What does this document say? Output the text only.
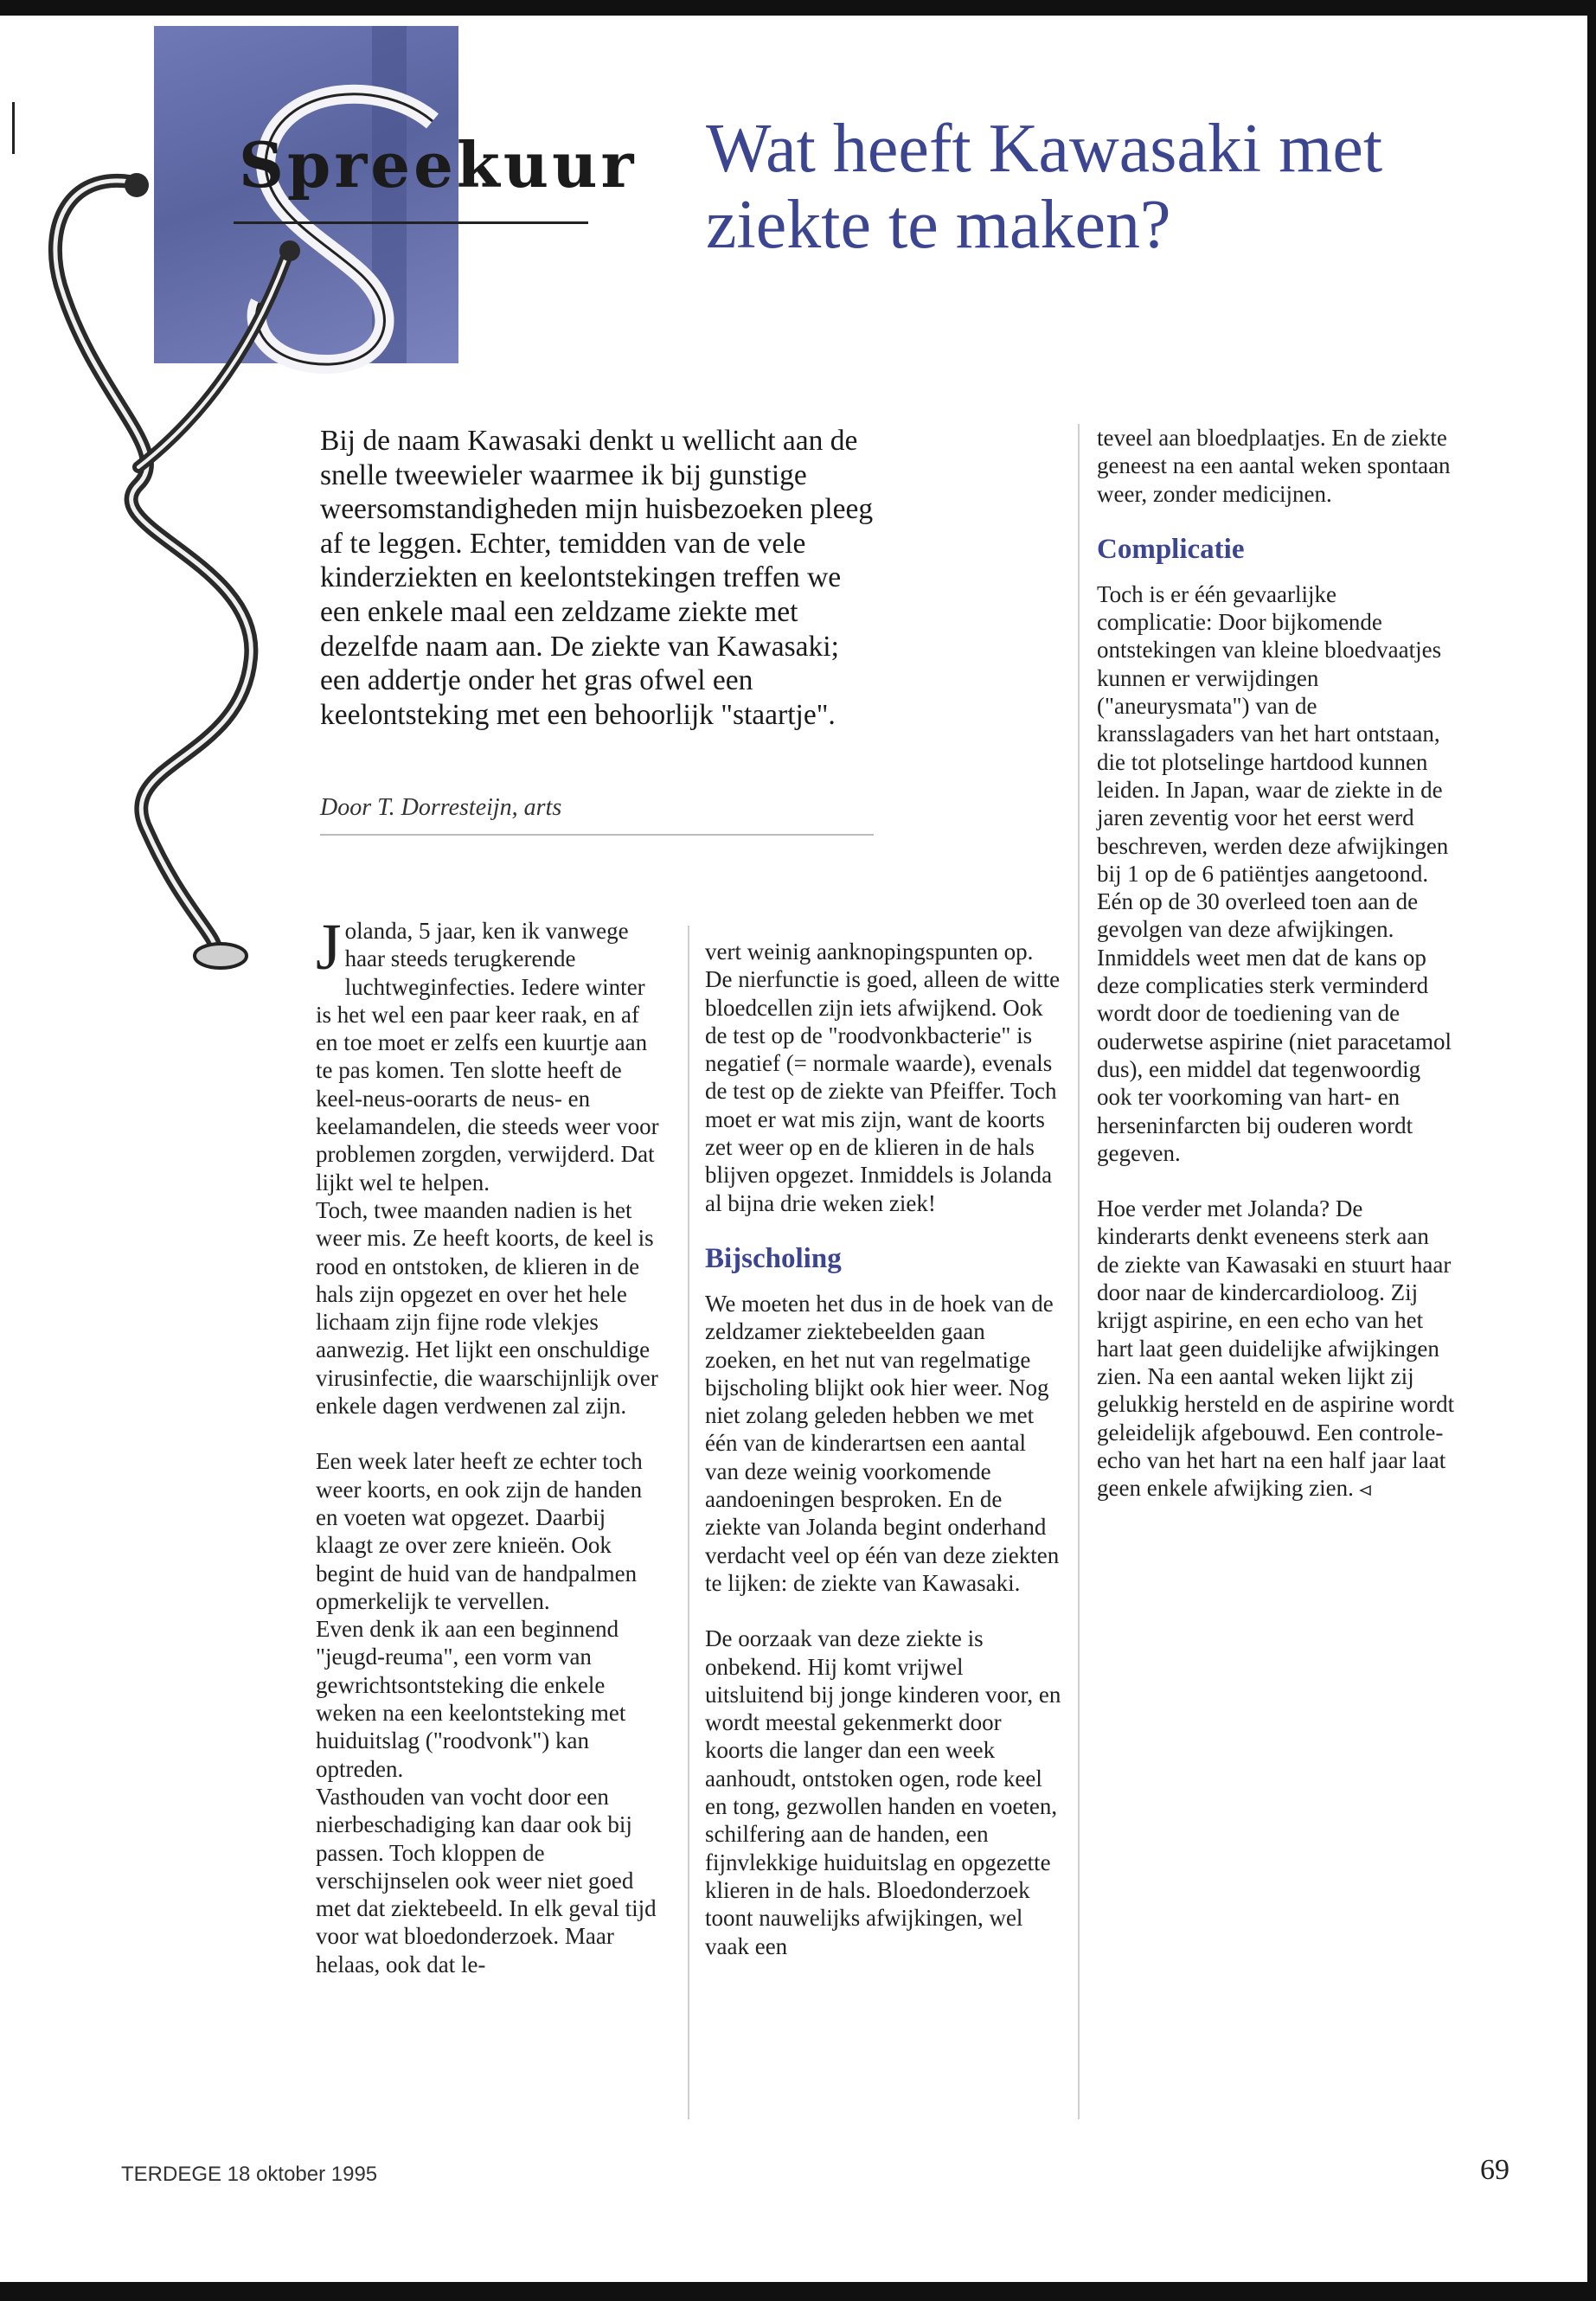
Spreekuur Wat heeft Kawasaki met ziekte te maken?

Bij de naam Kawasaki denkt u wellicht aan de snelle tweewieler waarmee ik bij gunstige weersomstandigheden mijn huisbezoeken pleeg af te leggen. Echter, temidden van de vele kinderziekten en keelontstekingen treffen we een enkele maal een zeldzame ziekte met dezelfde naam aan. De ziekte van Kawasaki; een addertje onder het gras ofwel een keelontsteking met een behoorlijk "staartje".

Door T. Dorresteijn, arts

Jolanda, 5 jaar, ken ik vanwege haar steeds terugkerende luchtweginfecties. Iedere winter is het wel een paar keer raak, en af en toe moet er zelfs een kuurtje aan te pas komen. Ten slotte heeft de keel-neus-oorarts de neus- en keelamandelen, die steeds weer voor problemen zorgden, verwijderd. Dat lijkt wel te helpen.

Toch, twee maanden nadien is het weer mis. Ze heeft koorts, de keel is rood en ontstoken, de klieren in de hals zijn opgezet en over het hele lichaam zijn fijne rode vlekjes aanwezig. Het lijkt een onschuldige virusinfectie, die waarschijnlijk over enkele dagen verdwenen zal zijn.

Een week later heeft ze echter toch weer koorts, en ook zijn de handen en voeten wat opgezet. Daarbij klaagt ze over zere knieën. Ook begint de huid van de handpalmen opmerkelijk te vervellen.

Even denk ik aan een beginnend "jeugd-reuma", een vorm van gewrichtsontsteking die enkele weken na een keelontsteking met huiduitslag ("roodvonk") kan optreden.

Vasthouden van vocht door een nierbeschadiging kan daar ook bij passen. Toch kloppen de verschijnselen ook weer niet goed met dat ziektebeeld. In elk geval tijd voor wat bloedonderzoek. Maar helaas, ook dat le-

vert weinig aanknopingspunten op. De nierfunctie is goed, alleen de witte bloedcellen zijn iets afwijkend. Ook de test op de "roodvonkbacterie" is negatief (= normale waarde), evenals de test op de ziekte van Pfeiffer. Toch moet er wat mis zijn, want de koorts zet weer op en de klieren in de hals blijven opgezet. Inmiddels is Jolanda al bijna drie weken ziek!

Bijscholing

We moeten het dus in de hoek van de zeldzamer ziektebeelden gaan zoeken, en het nut van regelmatige bijscholing blijkt ook hier weer. Nog niet zolang geleden hebben we met één van de kinderartsen een aantal van deze weinig voorkomende aandoeningen besproken. En de ziekte van Jolanda begint onderhand verdacht veel op één van deze ziekten te lijken: de ziekte van Kawasaki.

De oorzaak van deze ziekte is onbekend. Hij komt vrijwel uitsluitend bij jonge kinderen voor, en wordt meestal gekenmerkt door koorts die langer dan een week aanhoudt, ontstoken ogen, rode keel en tong, gezwollen handen en voeten, schilfering aan de handen, een fijnvlekkige huiduitslag en opgezette klieren in de hals. Bloedonderzoek toont nauwelijks afwijkingen, wel vaak een

teveel aan bloedplaatjes. En de ziekte geneest na een aantal weken spontaan weer, zonder medicijnen.

Complicatie

Toch is er één gevaarlijke complicatie: Door bijkomende ontstekingen van kleine bloedvaatjes kunnen er verwijdingen ("aneurysmata") van de kransslagaders van het hart ontstaan, die tot plotselinge hartdood kunnen leiden. In Japan, waar de ziekte in de jaren zeventig voor het eerst werd beschreven, werden deze afwijkingen bij 1 op de 6 patiëntjes aangetoond. Eén op de 30 overleed toen aan de gevolgen van deze afwijkingen. Inmiddels weet men dat de kans op deze complicaties sterk verminderd wordt door de toediening van de ouderwetse aspirine (niet paracetamol dus), een middel dat tegenwoordig ook ter voorkoming van hart- en herseninfarcten bij ouderen wordt gegeven.

Hoe verder met Jolanda? De kinderarts denkt eveneens sterk aan de ziekte van Kawasaki en stuurt haar door naar de kindercardioloog. Zij krijgt aspirine, en een echo van het hart laat geen duidelijke afwijkingen zien. Na een aantal weken lijkt zij gelukkig hersteld en de aspirine wordt geleidelijk afgebouwd. Een controle-echo van het hart na een half jaar laat geen enkele afwijking zien.

TERDEGE 18 oktober 1995	69
